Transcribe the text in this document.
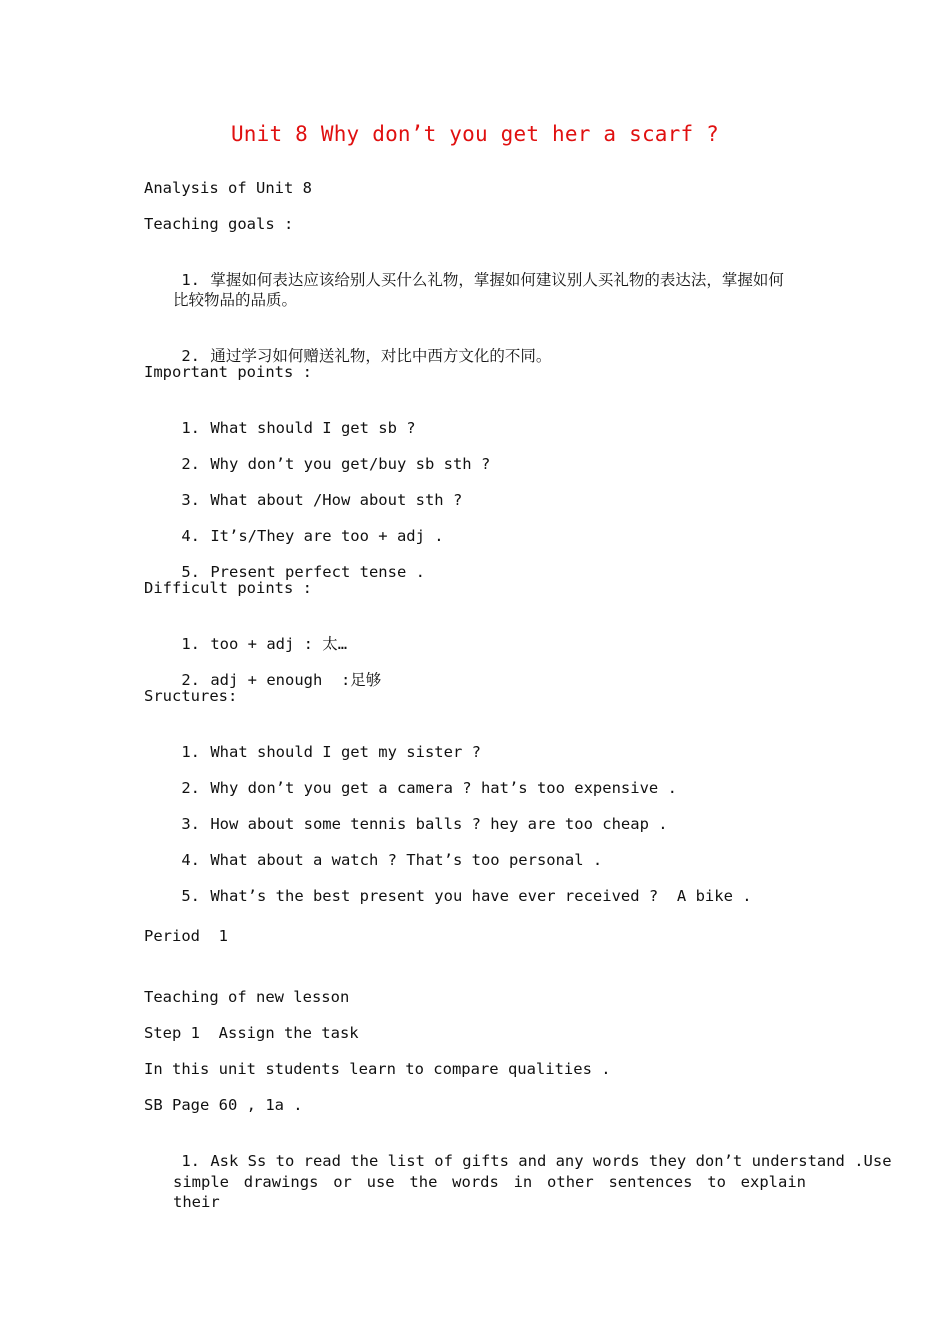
Unit 8 Why don’t you get her a scarf ?
Analysis of Unit 8
Teaching goals :

1. 掌握如何表达应该给别人买什么礼物，掌握如何建议别人买礼物的表达法，掌握如何

比较物品的品质。

2. 通过学习如何赠送礼物，对比中西方文化的不同。

Important points :

1. What should I get sb ?

2. Why don’t you get/buy sb sth ?

3. What about /How about sth ?

4. It’s/They are too + adj .

5. Present perfect tense .

Difficult points :

1. too + adj : 太…

2. adj + enough  :足够

Sructures:

1. What should I get my sister ?

2. Why don’t you get a camera ? hat’s too expensive .

3. How about some tennis balls ? hey are too cheap .

4. What about a watch ? That’s too personal .

5. What’s the best present you have ever received ?  A bike .

Period  1
Teaching of new lesson
Step 1  Assign the task
In this unit students learn to compare qualities .
SB Page 60 , 1a .

1. Ask Ss to read the list of gifts and any words they don’t understand .Use

simple drawings or use the words in other sentences to explain their
